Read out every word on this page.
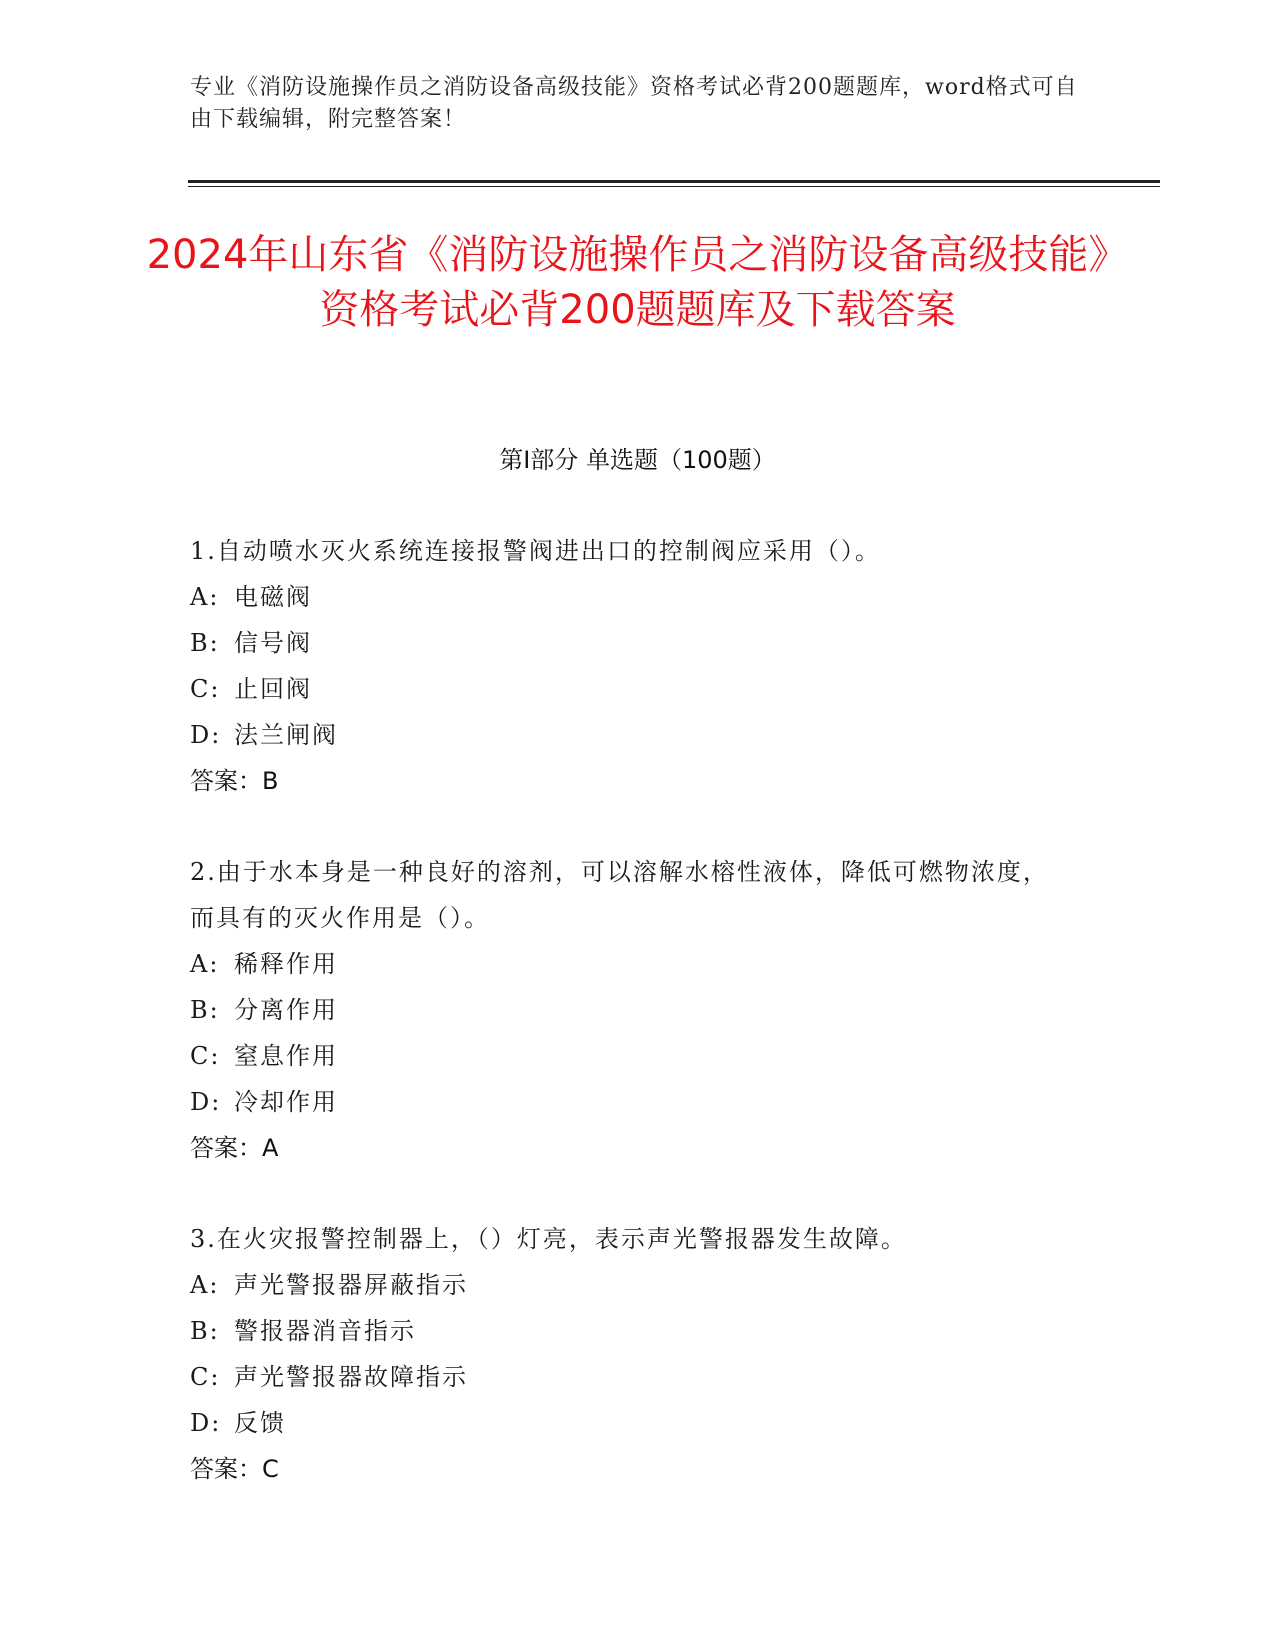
专业《消防设施操作员之消防设备高级技能》资格考试必背200题题库，word格式可自由下载编辑，附完整答案！
2024年山东省《消防设施操作员之消防设备高级技能》资格考试必背200题题库及下载答案
第Ⅰ部分 单选题（100题）

1.自动喷水灭火系统连接报警阀进出口的控制阀应采用（）。

A: 电磁阀
B: 信号阀
C: 止回阀
D: 法兰闸阀
答案：B

2.由于水本身是一种良好的溶剂，可以溶解水榕性液体，降低可燃物浓度，而具有的灭火作用是（）。

A: 稀释作用
B: 分离作用
C: 窒息作用
D: 冷却作用
答案：A

3.在火灾报警控制器上，（）灯亮，表示声光警报器发生故障。

A: 声光警报器屏蔽指示
B: 警报器消音指示
C: 声光警报器故障指示
D: 反馈
答案：C
